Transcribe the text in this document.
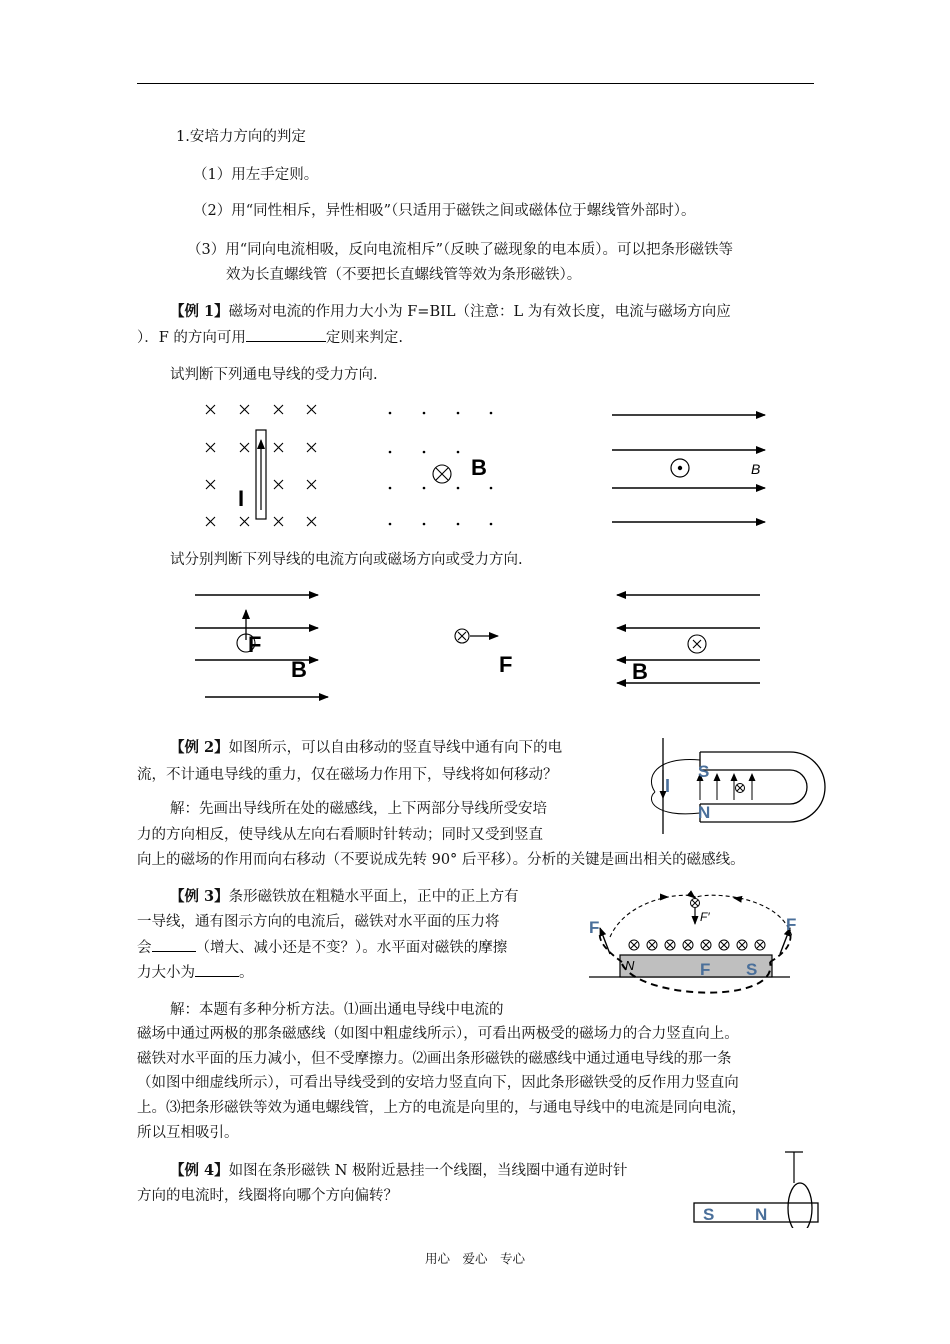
1.安培力方向的判定
（1）用左手定则。
（2）用“同性相斥，异性相吸”（只适用于磁铁之间或磁体位于螺线管外部时）。
（3）用“同向电流相吸，反向电流相斥”（反映了磁现象的电本质）。可以把条形磁铁等
效为长直螺线管（不要把长直螺线管等效为条形磁铁）。
【例 1】磁场对电流的作用力大小为 F=BIL（注意：L 为有效长度，电流与磁场方向应
）．F 的方向可用	定则来判定.
试判断下列通电导线的受力方向.
I
B	B
试分别判断下列导线的电流方向或磁场方向或受力方向.
F
B	F	B
【例 2】如图所示，可以自由移动的竖直导线中通有向下的电
流，不计通电导线的重力，仅在磁场力作用下，导线将如何移动？
解：先画出导线所在处的磁感线，上下两部分导线所受安培
力的方向相反，使导线从左向右看顺时针转动；同时又受到竖直
向上的磁场的作用而向右移动（不要说成先转 90° 后平移）。分析的关键是画出相关的磁感线。
I
S
N
【例 3】条形磁铁放在粗糙水平面上，正中的正上方有
一导线，通有图示方向的电流后，磁铁对水平面的压力将
会	（增大、减小还是不变？）。水平面对磁铁的摩擦
力大小为	。
解：本题有多种分析方法。⑴画出通电导线中电流的
磁场中通过两极的那条磁感线（如图中粗虚线所示），可看出两极受的磁场力的合力竖直向上。
磁铁对水平面的压力减小，但不受摩擦力。⑵画出条形磁铁的磁感线中通过通电导线的那一条
（如图中细虚线所示），可看出导线受到的安培力竖直向下，因此条形磁铁受的反作用力竖直向
上。⑶把条形磁铁等效为通电螺线管，上方的电流是向里的，与通电导线中的电流是同向电流，
所以互相吸引。
F′
F	F
N	F S
【例 4】如图在条形磁铁 N 极附近悬挂一个线圈，当线圈中通有逆时针
方向的电流时，线圈将向哪个方向偏转？
S N
用心　爱心　专心
